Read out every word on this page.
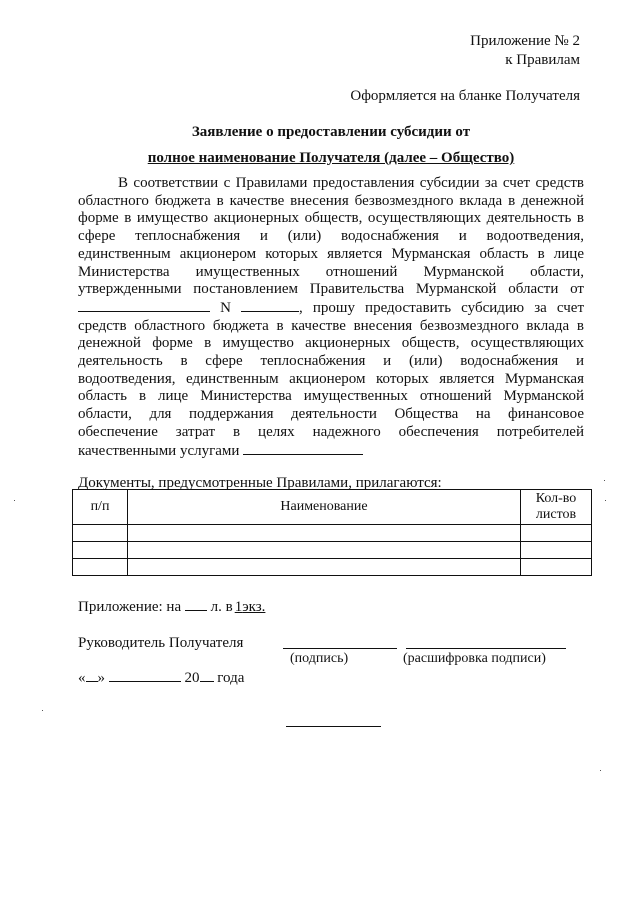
Приложение № 2
к Правилам
Оформляется на бланке Получателя
Заявление о предоставлении субсидии от
полное наименование Получателя (далее – Общество)

В соответствии с Правилами предоставления субсидии за счет средств областного бюджета в качестве внесения безвозмездного вклада в денежной форме в имущество акционерных обществ, осуществляющих деятельность в сфере теплоснабжения и (или) водоснабжения и водоотведения, единственным акционером которых является Мурманская область в лице Министерства имущественных отношений Мурманской области, утвержденными постановлением Правительства Мурманской области от  N	, прошу предоставить субсидию за счет средств областного бюджета в качестве внесения безвозмездного вклада в денежной форме в имущество акционерных обществ, осуществляющих деятельность в сфере теплоснабжения и (или) водоснабжения и водоотведения, единственным акционером которых является Мурманская область в лице Министерства имущественных отношений Мурманской области, для поддержания деятельности Общества на финансовое обеспечение затрат в целях надежного обеспечения потребителей качественными услугами

Документы, предусмотренные Правилами, прилагаются:
п/п	Наименование	Кол-во листов

Приложение: на л. в 1экз.
Руководитель Получателя
(подпись)	(расшифровка подписи)
« »	20 года
